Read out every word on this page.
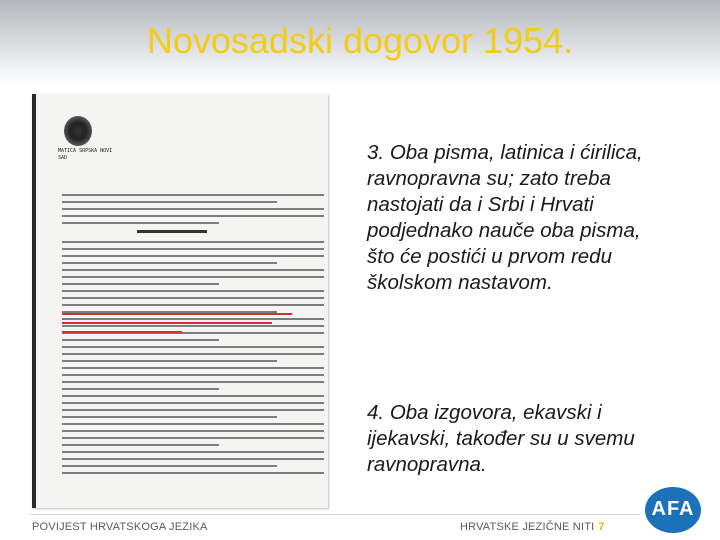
Novosadski dogovor 1954.
MATICA SRPSKA NOVI SAD	3. Oba pisma, latinica i ćirilica, ravnopravna su; zato treba nastojati da i Srbi i Hrvati podjednako nauče oba pisma, što će postići u prvom redu školskom nastavom.
4. Oba izgovora, ekavski i ijekavski, također su u svemu ravnopravna.
POVIJEST HRVATSKOGA JEZIKA	HRVATSKE JEZIČNE NITI 7
AFA
